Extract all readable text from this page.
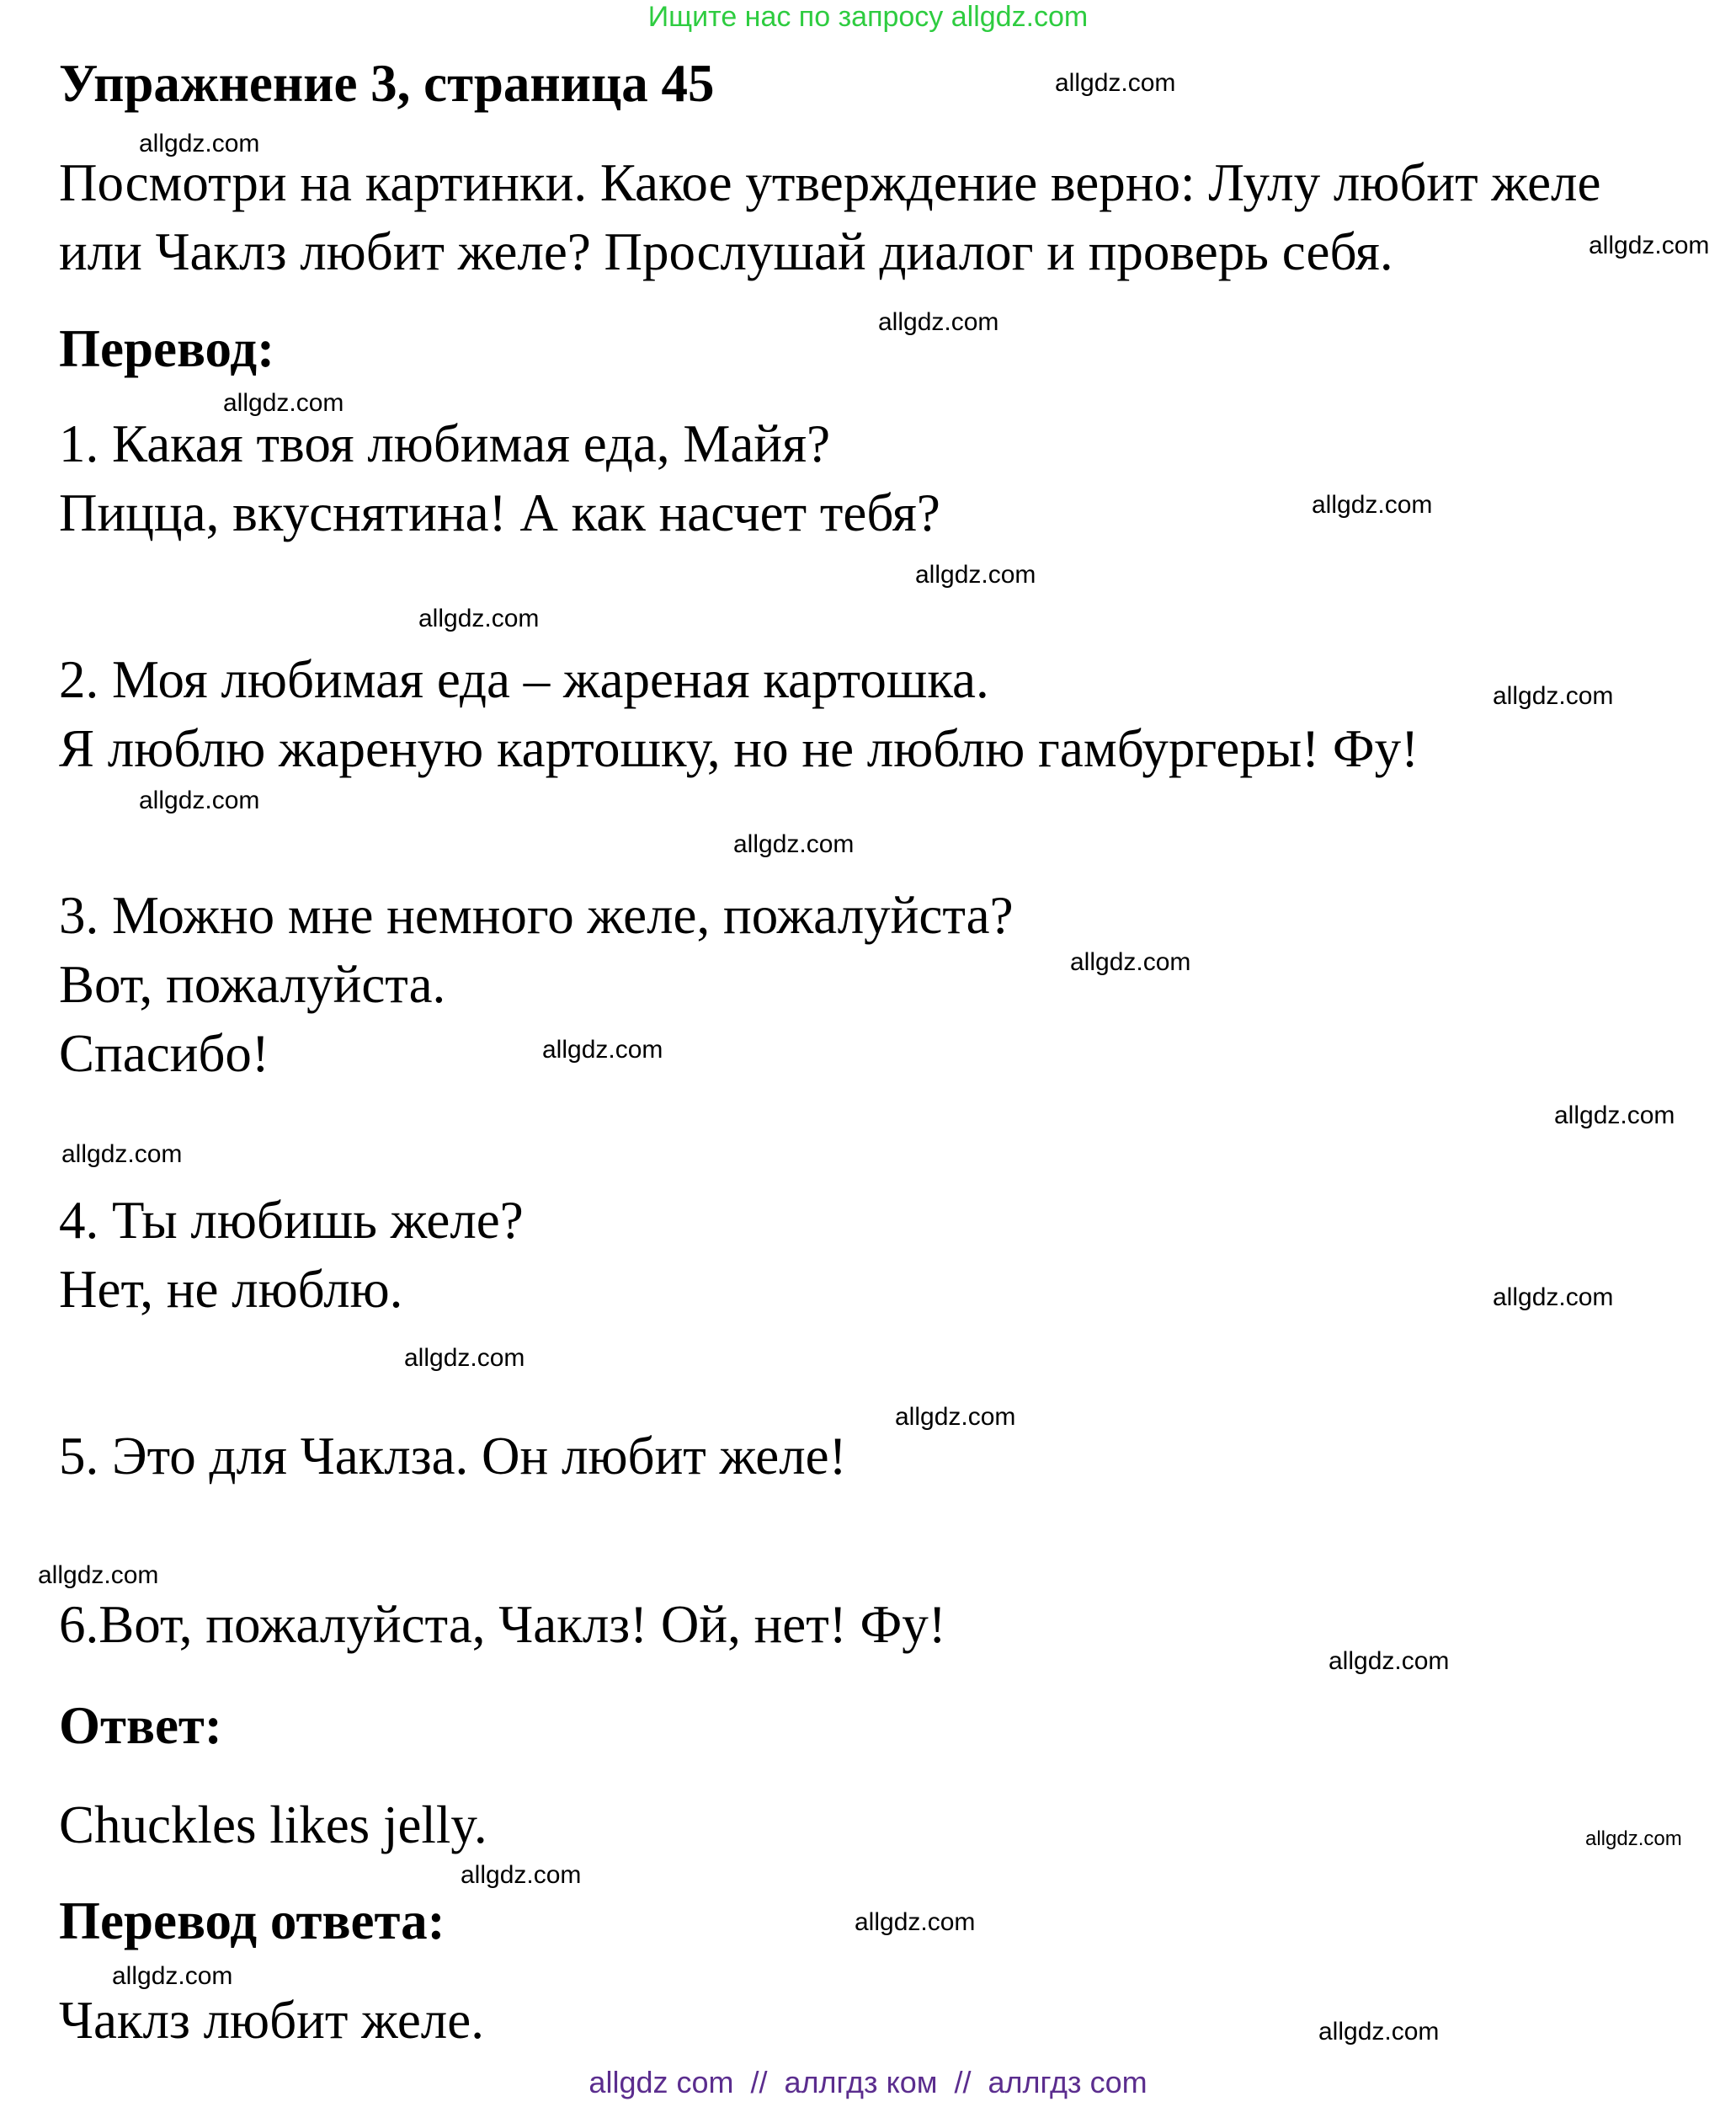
Ищите нас по запросу allgdz.com
Упражнение 3, страница 45
Посмотри на картинки. Какое утверждение верно: Лулу любит желе
или Чаклз любит желе? Прослушай диалог и проверь себя.
Перевод:
1. Какая твоя любимая еда, Майя?
Пицца, вкуснятина! А как насчет тебя?
2. Моя любимая еда – жареная картошка.
Я люблю жареную картошку, но не люблю гамбургеры! Фу!
3. Можно мне немного желе, пожалуйста?
Вот, пожалуйста.
Спасибо!
4. Ты любишь желе?
Нет, не люблю.
5. Это для Чаклза. Он любит желе!
6.Вот, пожалуйста, Чаклз! Ой, нет! Фу!
Ответ:
Chuckles likes jelly.
Перевод ответа:
Чаклз любит желе.
allgdz.com
allgdz.com
allgdz.com
allgdz.com
allgdz.com
allgdz.com
allgdz.com
allgdz.com
allgdz.com
allgdz.com
allgdz.com
allgdz.com
allgdz.com
allgdz.com
allgdz.com
allgdz.com
allgdz.com
allgdz.com
allgdz.com
allgdz.com
allgdz.com
allgdz.com
allgdz.com
allgdz.com
allgdz.com
allgdz com  //  аллгдз ком  //  аллгдз com
